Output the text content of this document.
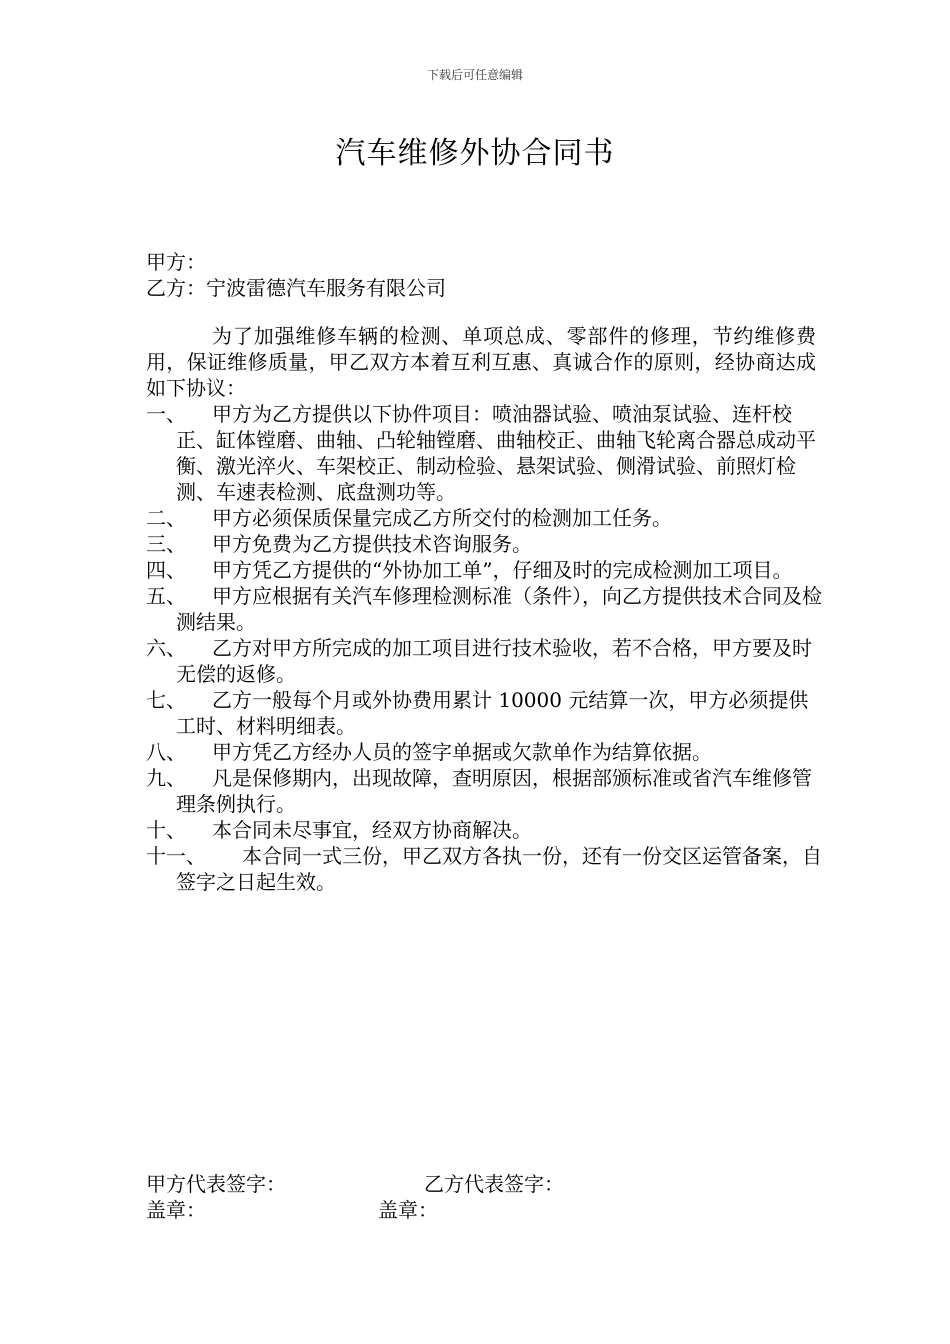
下载后可任意编辑
汽车维修外协合同书
甲方：
乙方：宁波雷德汽车服务有限公司
为了加强维修车辆的检测、单项总成、零部件的修理，节约维修费用，保证维修质量，甲乙双方本着互利互惠、真诚合作的原则，经协商达成如下协议：
一、 甲方为乙方提供以下协件项目：喷油器试验、喷油泵试验、连杆校正、缸体镗磨、曲轴、凸轮轴镗磨、曲轴校正、曲轴飞轮离合器总成动平衡、激光淬火、车架校正、制动检验、悬架试验、侧滑试验、前照灯检测、车速表检测、底盘测功等。
二、 甲方必须保质保量完成乙方所交付的检测加工任务。
三、 甲方免费为乙方提供技术咨询服务。
四、 甲方凭乙方提供的“外协加工单”，仔细及时的完成检测加工项目。
五、 甲方应根据有关汽车修理检测标准（条件），向乙方提供技术合同及检测结果。
六、 乙方对甲方所完成的加工项目进行技术验收，若不合格，甲方要及时无偿的返修。
七、 乙方一般每个月或外协费用累计 10000 元结算一次，甲方必须提供工时、材料明细表。
八、 甲方凭乙方经办人员的签字单据或欠款单作为结算依据。
九、 凡是保修期内，出现故障，查明原因，根据部颁标准或省汽车维修管理条例执行。
十、 本合同未尽事宜，经双方协商解决。
十一、 本合同一式三份，甲乙双方各执一份，还有一份交区运管备案，自签字之日起生效。
甲方代表签字：	乙方代表签字：
盖章：	盖章：
